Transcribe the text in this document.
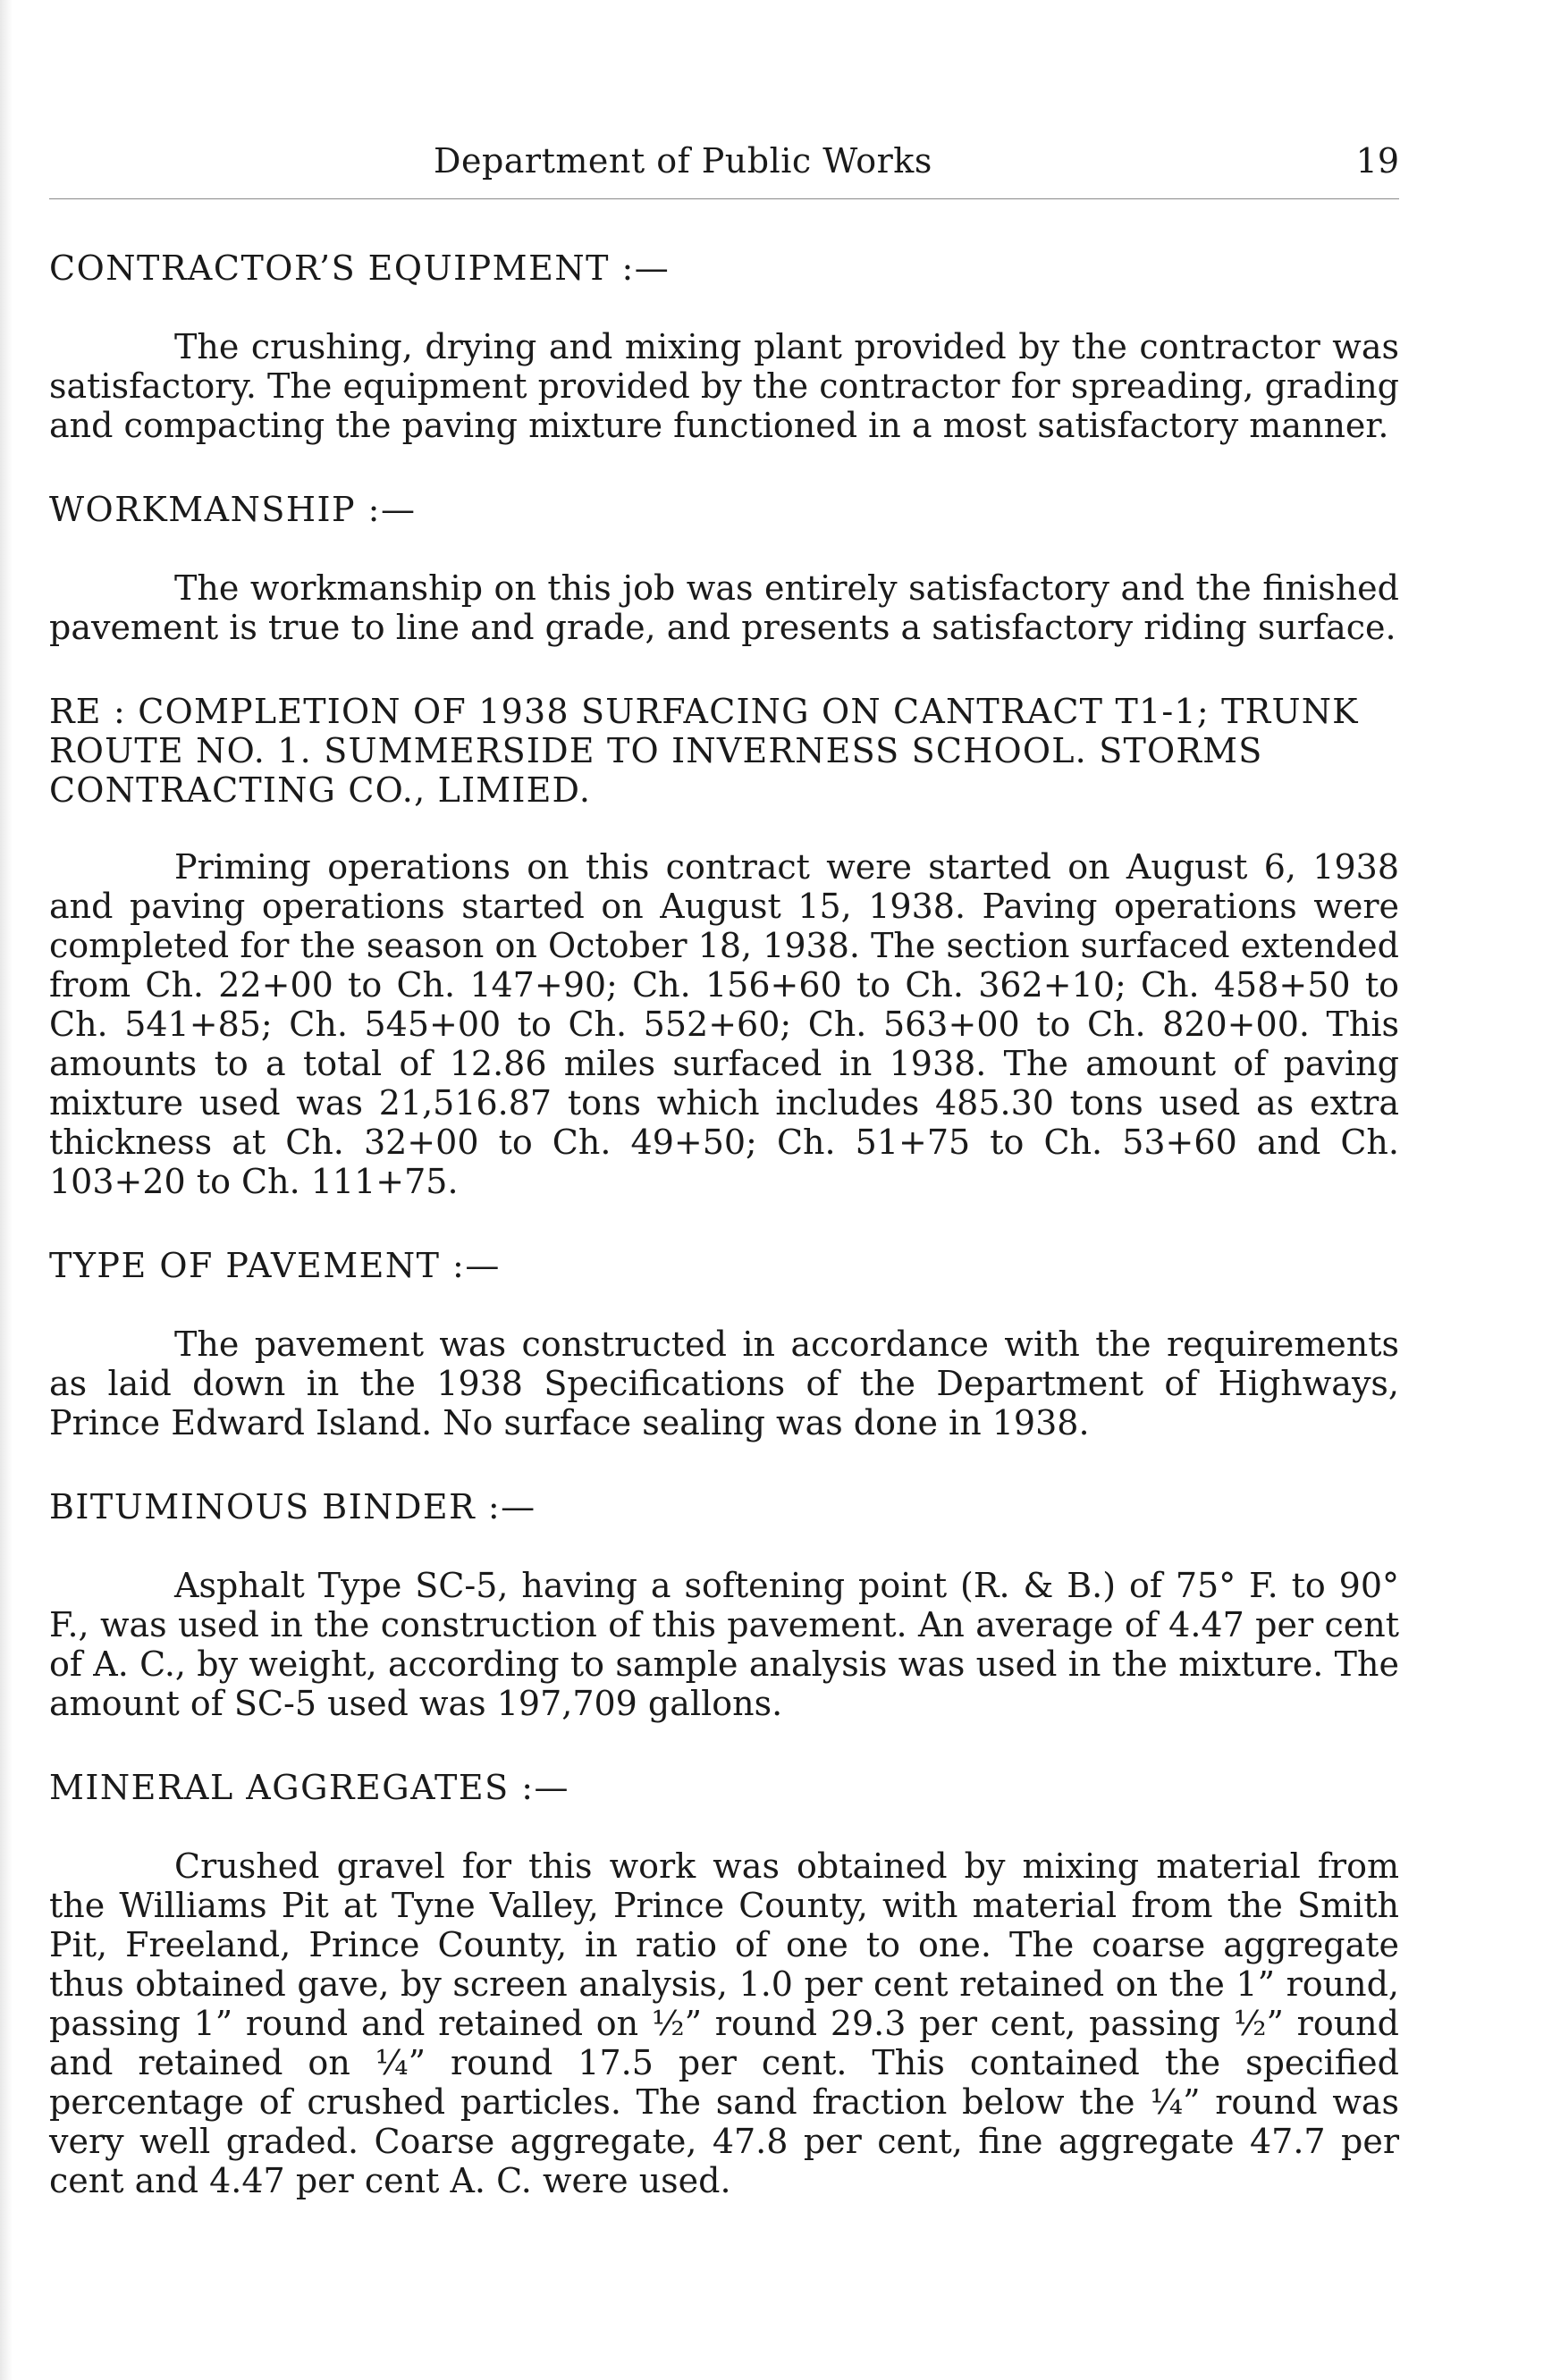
Department of Public Works	19

CONTRACTOR’S EQUIPMENT :—

The crushing, drying and mixing plant provided by the contractor was satisfactory. The equipment provided by the contractor for spreading, grading and compacting the paving mixture functioned in a most satisfactory manner.

WORKMANSHIP :—

The workmanship on this job was entirely satisfactory and the finished pavement is true to line and grade, and presents a satisfactory riding surface.

RE : COMPLETION OF 1938 SURFACING ON CANTRACT T1-1; TRUNK ROUTE NO. 1. SUMMERSIDE TO INVERNESS SCHOOL. STORMS CONTRACTING CO., LIMIED.

Priming operations on this contract were started on August 6, 1938 and paving operations started on August 15, 1938. Paving operations were completed for the season on October 18, 1938. The section surfaced extended from Ch. 22+00 to Ch. 147+90; Ch. 156+60 to Ch. 362+10; Ch. 458+50 to Ch. 541+85; Ch. 545+00 to Ch. 552+60; Ch. 563+00 to Ch. 820+00. This amounts to a total of 12.86 miles surfaced in 1938. The amount of paving mixture used was 21,516.87 tons which includes 485.30 tons used as extra thickness at Ch. 32+00 to Ch. 49+50; Ch. 51+75 to Ch. 53+60 and Ch. 103+20 to Ch. 111+75.

TYPE OF PAVEMENT :—

The pavement was constructed in accordance with the requirements as laid down in the 1938 Specifications of the Department of Highways, Prince Edward Island. No surface sealing was done in 1938.

BITUMINOUS BINDER :—

Asphalt Type SC-5, having a softening point (R. & B.) of 75° F. to 90° F., was used in the construction of this pavement. An average of 4.47 per cent of A. C., by weight, according to sample analysis was used in the mixture. The amount of SC-5 used was 197,709 gallons.

MINERAL AGGREGATES :—

Crushed gravel for this work was obtained by mixing material from the Williams Pit at Tyne Valley, Prince County, with material from the Smith Pit, Freeland, Prince County, in ratio of one to one. The coarse aggregate thus obtained gave, by screen analysis, 1.0 per cent retained on the 1” round, passing 1” round and retained on ½” round 29.3 per cent, passing ½” round and retained on ¼” round 17.5 per cent. This contained the specified percentage of crushed particles. The sand fraction below the ¼” round was very well graded. Coarse aggregate, 47.8 per cent, fine aggregate 47.7 per cent and 4.47 per cent A. C. were used.
